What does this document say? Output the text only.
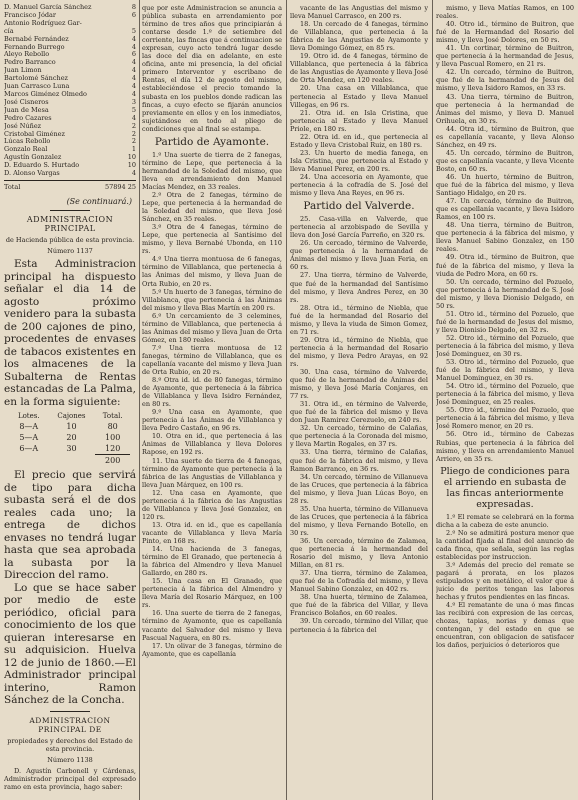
D. Manuel García Sánchez	8
Francisco Jódar	6
Antonio Rodríguez Gar-
cía	5
Bernabé Fernández	4
Fernando Burrego	4
Aleyo Rebollo	6
Pedro Barranco	4
Juan Limon	4
Bartolomé Sánchez	4
Juan Carrasco Luna	4
Marcos Giménez Olmedo	4
José Cisneros	3
Juan de Mesa	5
Pedro Cazares	4
José Núñez	2
Cristobal Giménez	2
Lúcas Rebollo	2
Gonzalo Real	1
Agustín Gonzalez	10
D. Eduardo S. Hurtado	10
D. Alonso Vargas	4
Total	57894 25

(Se continuará.)

ADMINISTRACION PRINCIPAL

de Hacienda pública de esta provincia.

Número 1137

Esta Administracion principal ha dispuesto señalar el dia 14 de agosto próximo venidero para la subasta de 200 cajones de pino, procedentes de envases de tabacos existentes en los almacenes de la Subalterna de Rentas estancadas de La Palma, en la forma siguiente:

Lotes.	Cajones	Total.
8—A	10	80
5—A	20	100
6—A	30	120
		200

El precio que servirá de tipo para dicha subasta será el de dos reales cada uno; la entrega de dichos envases no tendrá lugar hasta que sea aprobada la subasta por la Direccion del ramo.

Lo que se hace saber por medio de este periódico, oficial para conocimiento de los que quieran interesarse en su adquisicion. Huelva 12 de junio de 1860.—El Administrador principal interino, Ramon Sánchez de la Concha.

ADMINISTRACION PRINCIPAL DE

propiedades y derechos del Estado de esta provincia.

Número 1138

D. Agustín Carbonell y Cárdenas, Administrador principal del expresado ramo en esta provincia, hago saber:

que por este Administracion se anuncia a pública subasta en arrendamiento por término de tres años que principiarán á contarse desde 1.º de setiembre del corriente, las fincas que á continuacion se expresan, cuyo acto tendrá lugar desde las doce del dia en adelante, en este oficina, ante mi presencia, la del oficial primero Interventor y escribano de Rentas, el día 12 de agosto del mismo, estableciéndose el precio tomando la subasta en los pueblos donde radican las fincas, a cuyo efecto se fijarán anuncios previamente en ellos y en los inmediatos, sujetándose en todo al pliego de condiciones que al final se estampa.

Partido de Ayamonte.

1.º Una suerte de tierra de 2 fanegas, término de Lepe, que pertenecia á la hermandad de la Soledad del mismo, que lleva en arrendamiento don Manuel Macías Mendez, en 33 reales.

2.º Otra de 2 fanegas, término de Lepe, que pertenecia á la hermandad de la Soledad del mismo, que lleva José Sánchez, en 35 reales.

3.º Otra de 4 fanegas, término de Lepe, que pertenecia al Santísimo del mismo, y lleva Bernabé Ubonda, en 110 rs.

4.º Una tierra montuosa de 6 fanegas, término de Villablanca, que pertenecia á las Ánimas del mismo, y lleva Juan de Orta Rubio, en 20 rs.

5.º Un huerto de 3 fanegas, término de Villablanca, que pertenecia á las Ánimas del mismo y lleva Blas Martín en 200 rs.

6.º Un cercamiento de 3 celemines, término de Villablanca, que pertenecia á las Ánimas del mismo y lleva Juan de Orta Gómez, en 180 reales.

7.º Una tierra montuosa de 12 fanegas, término de Villablanca, que es capellanía vacante del mismo y lleva Juan de Orta Rubio, en 20 rs.

8.º Otra id. id. de 80 fanegas, término de Ayamonte, que pertenecia á la fábrica de Villablanca y lleva Isidro Fernández, en 80 rs.

9.º Una casa en Ayamonte, que pertenecia á las Ánimas de Villablanca y lleva Pedro Castaño, en 96 rs.

10. Otra en id., que pertenecia á las Ánimas de Villablanca y lleva Dolores Rapose, en 192 rs.

11. Una suerte de tierra de 4 fanegas, término de Ayamonte que pertenecia á la fábrica de las Angustias de Villablanca y lleva Juan Márquez, en 100 rs.

12. Una casa en Ayamonte, que pertenecia á la fábrica de las Angustias de Villablanca y lleva José Gonzalez, en 120 rs.

13. Otra id. en id., que es capellanía vacante de Villablanca y lleva María Pinto, en 168 rs.

14. Una hacienda de 3 fanegas, término de El Granado, que pertenecia á la fábrica del Almendro y lleva Manuel Gallardo, en 280 rs.

15. Una casa en El Granado, que pertenecia á la fábrica del Almendro y lleva María del Rosario Márquez, en 100 rs.

16. Una suerte de tierra de 2 fanegas, término de Ayamonte, que es capellanía vacante del Salvador del mismo y lleva Pascual Naguera, en 80 rs.

17. Un olivar de 3 fanegas, término de Ayamonte, que es capellanía

vacante de las Angustias del mismo y lleva Manuel Carrasco, en 200 rs.

18. Un cercado de 4 fanegas, término de Villablanca, que pertenecia á la fábrica de las Angustias de Ayamonte y lleva Domingo Gómez, en 85 rs.

19. Otro id. de 4 fanegas, término de Villablanca, que pertenecia á la fábrica de las Angustias de Ayamonte y lleva José de Orta Mendez, en 120 reales.

20. Una casa en Villablanca, que pertenecia al Estado y lleva Manuel Villegas, en 96 rs.

21. Otra id. en Isla Cristina, que pertenecia al Estado y lleva Manuel Priole, en 180 rs.

22. Otra id. en id., que pertenecia al Estado y lleva Cristobal Ruiz, en 180 rs.

23. Un huerto de media fanega, en Isla Cristina, que pertenecia al Estado y lleva Manuel Perez, en 200 rs.

24. Una accesoria en Ayamonte, que pertenecia á la cofradía de S. José del mismo y lleva Ana Reyes, en 96 rs.

Partido del Valverde.

25. Casa-villa en Valverde, que pertenecia al arzobispado de Sevilla y lleva don José García Parreño, en 320 rs.

26. Un cercado, término de Valverde, que pertenecia á la hermandad de Ánimas del mismo y lleva Juan Feria, en 60 rs.

27. Una tierra, término de Valverde, que fué de la hermandad del Santísimo del mismo, y lleva Andres Perez, en 30 rs.

28. Otra id., término de Niebla, que fué de la hermandad del Rosario del mismo, y lleva la viuda de Simon Gomez, en 71 rs.

29. Otra id., término de Niebla, que pertenecia á la hermandad del Rosario del mismo, y lleva Pedro Arayas, en 92 rs.

30. Una casa, término de Valverde, que fué de la hermandad de Ánimas del mismo, y lleva José María Conjares, en 77 rs.

31. Otra id., en término de Valverde, que fué de la fábrica del mismo y lleva don Juan Ramirez Cerezuelo, en 240 rs.

32. Un cercado, término de Calañas, que pertenecia á la Coronada del mismo, y lleva Martin Rogales, en 37 rs.

33. Una tierra, término de Calañas, que fué de la fábrica del mismo, y lleva Ramon Barranco, en 36 rs.

34. Un cercado, término de Villanueva de las Cruces, que pertenecia á la fábrica del mismo, y lleva Juan Lúcas Boyo, en 28 rs.

35. Una huerta, término de Villanueva de las Cruces, que pertenecia á la fábrica del mismo, y lleva Fernando Botello, en 30 rs.

36. Un cercado, término de Zalamea, que pertenecia á la hermandad del Rosario del mismo, y lleva Antonio Millan, en 81 rs.

37. Una tierra, término de Zalamea, que fué de la Cofradía del mismo, y lleva Manuel Sabino Gonzalez, en 402 rs.

38. Una huerta, término de Zalamea, que fué de la fábrica del Villar, y lleva Francisco Bolaños, en 60 reales.

39. Un cercado, término del Villar, que pertenecia á la fábrica del

mismo, y lleva Matías Ramos, en 100 reales.

40. Otro id., término de Buitron, que fué de la Hermandad del Rosario del mismo, y lleva José Dolores, en 50 rs.

41. Un cortinar, término de Buitron, que pertenecia á la hermandad de Jesus, y lleva Pascual Romero, en 21 rs.

42. Un cercado, término de Buitron, que fué de la hermandad de Jesus del mismo, y lleva Isidoro Ramos, en 33 rs.

43. Una tierra, término de Buitron, que pertenecia á la hermandad de Ánimas del mismo, y lleva D. Manuel Orihuela, en 30 rs.

44. Otra id., término de Buitron, que es capellanía vacante, y lleva Alonso Sánchez, en 49 rs.

45. Un cercado, término de Buitron, que es capellanía vacante, y lleva Vicente Bosto, en 60 rs.

46. Un huerto, término de Buitron, que fué de la fábrica del mismo, y lleva Santiago Hidalgo, en 20 rs.

47. Un cercado, término de Buitron, que es capellanía vacante, y lleva Isidoro Ramos, en 100 rs.

48. Una tierra, término de Buitron, que pertenecia á la fábrica del mismo, y lleva Manuel Sabino Gonzalez, en 150 reales.

49. Otra id., término de Buitron, que fué de la fábrica del mismo, y lleva la viuda de Pedro Mora, en 60 rs.

50. Un cercado, término del Pozuelo, que pertenecia á la hermandad de S. José del mismo, y lleva Dionisio Delgado, en 50 rs.

51. Otro id., término del Pozuelo, que fué de la hermandad de Jesus del mismo, y lleva Dionisio Delgado, en 32 rs.

52. Otro id., término del Pozuelo, que pertenecia á la fábrica del mismo, y lleva José Dominguez, en 30 rs.

53. Otro id., término del Pozuelo, que fué de la fábrica del mismo, y lleva Manuel Dominguez, en 30 rs.

54. Otro id., término del Pozuelo, que pertenecia á la fábrica del mismo, y lleva José Dominguez, en 25 reales.

55. Otro id., término del Pozuelo, que pertenecia á la fábrica del mismo, y lleva José Romero menor, en 20 rs.

56. Otro id., término de Cabezas Rubias, que pertenecia á la fábrica del mismo, y lleva en arrendamiento Manuel Arriero, en 35 rs.

Pliego de condiciones para el arriendo en subasta de las fincas anteriormente expresadas.

1.º El remate se celebrará en la forma dicha a la cabeza de este anuncio.

2.º No se admitirá postura menor que la cantidad fijada al final del anuncio de cada finca, que señala, según las reglas establecidas por instruccion.

3.º Además del precio del remate se pagará á prorata, en los plazos estipulados y en metálico, el valor que á juicio de peritos tengan las labores hechas y frutos pendientes en las fincas.

4.º El rematante de una ó mas fincas las recibirá con expresion de las cercas, chozas, tapias, norias y demas que contengan, y del estado en que se encuentran, con obligacion de satisfacer los daños, perjuicios ó deterioros que
